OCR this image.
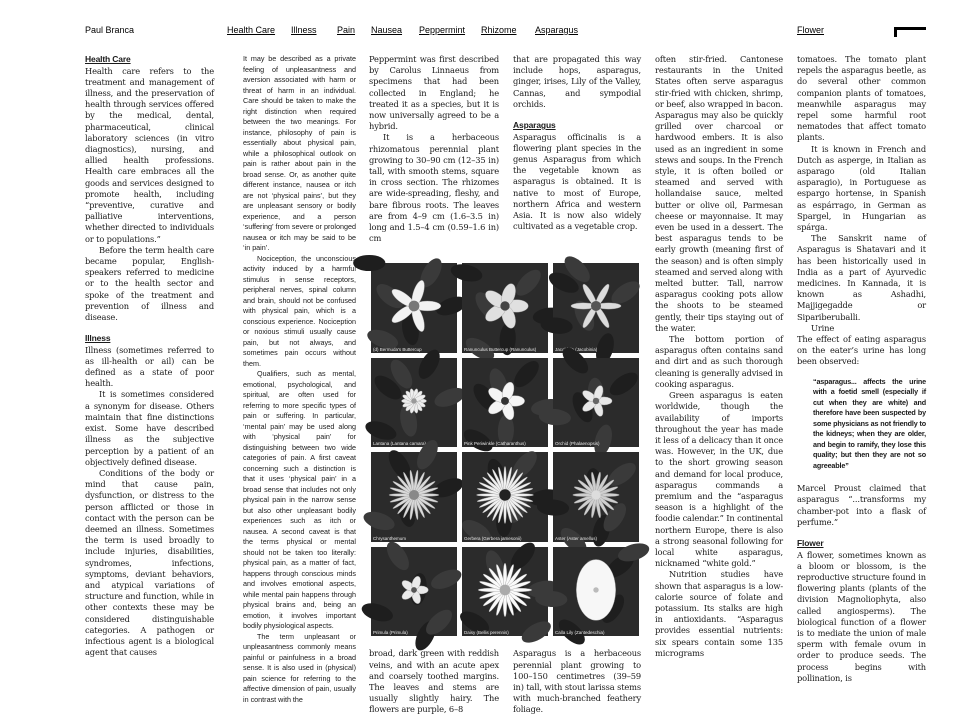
Paul Branca	Health Care Illness Pain Nausea Peppermint Rhizome Asparagus	Flower
Health Care

Health care refers to the treatment and management of illness, and the preservation of health through services offered by the medical, dental, pharmaceutical, clinical laboratory sciences (in vitro diagnostics), nursing, and allied health professions. Health care embraces all the goods and services designed to promote health, including “preventive, curative and palliative interventions, whether directed to individuals or to populations.”

Before the term health care became popular, English-speakers referred to medicine or to the health sector and spoke of the treatment and prevention of illness and disease.

Illness

Illness (sometimes referred to as ill-health or ail) can be defined as a state of poor health.

It is sometimes considered a synonym for disease. Others maintain that fine distinctions exist. Some have described illness as the subjective perception by a patient of an objectively defined disease.

Conditions of the body or mind that cause pain, dysfunction, or distress to the person afflicted or those in contact with the person can be deemed an illness. Sometimes the term is used broadly to include injuries, disabilities, syndromes, infections, symptoms, deviant behaviors, and atypical variations of structure and function, while in other contexts these may be considered distinguishable categories. A pathogen or infectious agent is a biological agent that causes

It may be described as a private feeling of unpleasantness and aversion associated with harm or threat of harm in an individual. Care should be taken to make the right distinction when required between the two meanings. For instance, philosophy of pain is essentially about physical pain, while a philosophical outlook on pain is rather about pain in the broad sense. Or, as another quite different instance, nausea or itch are not ‘physical pains’, but they are unpleasant sensory or bodily experience, and a person ‘suffering’ from severe or prolonged nausea or itch may be said to be ‘in pain’.

Nociception, the unconscious activity induced by a harmful stimulus in sense receptors, peripheral nerves, spinal column and brain, should not be confused with physical pain, which is a conscious experience. Nociception or noxious stimuli usually cause pain, but not always, and sometimes pain occurs without them.

Qualifiers, such as mental, emotional, psychological, and spiritual, are often used for referring to more specific types of pain or suffering. In particular, ‘mental pain’ may be used along with ‘physical pain’ for distinguishing between two wide categories of pain. A first caveat concerning such a distinction is that it uses ‘physical pain’ in a broad sense that includes not only physical pain in the narrow sense but also other unpleasant bodily experiences such as itch or nausea. A second caveat is that the terms physical or mental should not be taken too literally: physical pain, as a matter of fact, happens through conscious minds and involves emotional aspects, while mental pain happens through physical brains and, being an emotion, it involves important bodily physiological aspects.

The term unpleasant or unpleasantness commonly means painful or painfulness in a broad sense. It is also used in (physical) pain science for referring to the affective dimension of pain, usually in contrast with the

Peppermint was first described by Carolus Linnaeus from specimens that had been collected in England; he treated it as a species, but it is now universally agreed to be a hybrid.

It is a herbaceous rhizomatous perennial plant growing to 30–90 cm (12–35 in) tall, with smooth stems, square in cross section. The rhizomes are wide-spreading, fleshy, and bare fibrous roots. The leaves are from 4–9 cm (1.6–3.5 in) long and 1.5–4 cm (0.59–1.6 in) cm

that are propagated this way include hops, asparagus, ginger, irises, Lily of the Valley, Cannas, and sympodial orchids.

Asparagus

Asparagus officinalis is a flowering plant species in the genus Asparagus from which the vegetable known as asparagus is obtained. It is native to most of Europe, northern Africa and western Asia. It is now also widely cultivated as a vegetable crop.

(d) Bermuda's Buttercup	Ranunculus Buttercup (Ranunculus)	Jacobinia (Jacobinia)
Lantana (Lantana camara)	Pink Periwinkle (Catharanthus)	Orchid (Phalaenopsis)
Chrysanthemum	Gerbera (Gerbera jamesonii)	Aster (Aster amellus)
Primula (Primula)	Daisy (Bellis perennis)	Calla Lily (Zantedeschia)

broad, dark green with reddish veins, and with an acute apex and coarsely toothed margins. The leaves and stems are usually slightly hairy. The flowers are purple, 6–8

Asparagus is a herbaceous perennial plant growing to 100–150 centimetres (39–59 in) tall, with stout larissa stems with much-branched feathery foliage.

often stir-fried. Cantonese restaurants in the United States often serve asparagus stir-fried with chicken, shrimp, or beef, also wrapped in bacon. Asparagus may also be quickly grilled over charcoal or hardwood embers. It is also used as an ingredient in some stews and soups. In the French style, it is often boiled or steamed and served with hollandaise sauce, melted butter or olive oil, Parmesan cheese or mayonnaise. It may even be used in a dessert. The best asparagus tends to be early growth (meaning first of the season) and is often simply steamed and served along with melted butter. Tall, narrow asparagus cooking pots allow the shoots to be steamed gently, their tips staying out of the water.

The bottom portion of asparagus often contains sand and dirt and as such thorough cleaning is generally advised in cooking asparagus.

Green asparagus is eaten worldwide, though the availability of imports throughout the year has made it less of a delicacy than it once was. However, in the UK, due to the short growing season and demand for local produce, asparagus commands a premium and the “asparagus season is a highlight of the foodie calendar.” In continental northern Europe, there is also a strong seasonal following for local white asparagus, nicknamed “white gold.”

Nutrition studies have shown that asparagus is a low-calorie source of folate and potassium. Its stalks are high in antioxidants. “Asparagus provides essential nutrients: six spears contain some 135 micrograms

tomatoes. The tomato plant repels the asparagus beetle, as do several other common companion plants of tomatoes, meanwhile asparagus may repel some harmful root nematodes that affect tomato plants.

It is known in French and Dutch as asperge, in Italian as asparago (old Italian asparagio), in Portuguese as espargo hortense, in Spanish as espárrago, in German as Spargel, in Hungarian as spárga.

The Sanskrit name of Asparagus is Shatavari and it has been historically used in India as a part of Ayurvedic medicines. In Kannada, it is known as Ashadhi, Majjigegadde or Sipariberuballi.

Urine

The effect of eating asparagus on the eater’s urine has long been observed:

“asparagus... affects the urine with a foetid smell (especially if cut when they are white) and therefore have been suspected by some physicians as not friendly to the kidneys; when they are older, and begin to ramify, they lose this quality; but then they are not so agreeable”

Marcel Proust claimed that asparagus “...transforms my chamber-pot into a flask of perfume.”

Flower

A flower, sometimes known as a bloom or blossom, is the reproductive structure found in flowering plants (plants of the division Magnoliophyta, also called angiosperms). The biological function of a flower is to mediate the union of male sperm with female ovum in order to produce seeds. The process begins with pollination, is
